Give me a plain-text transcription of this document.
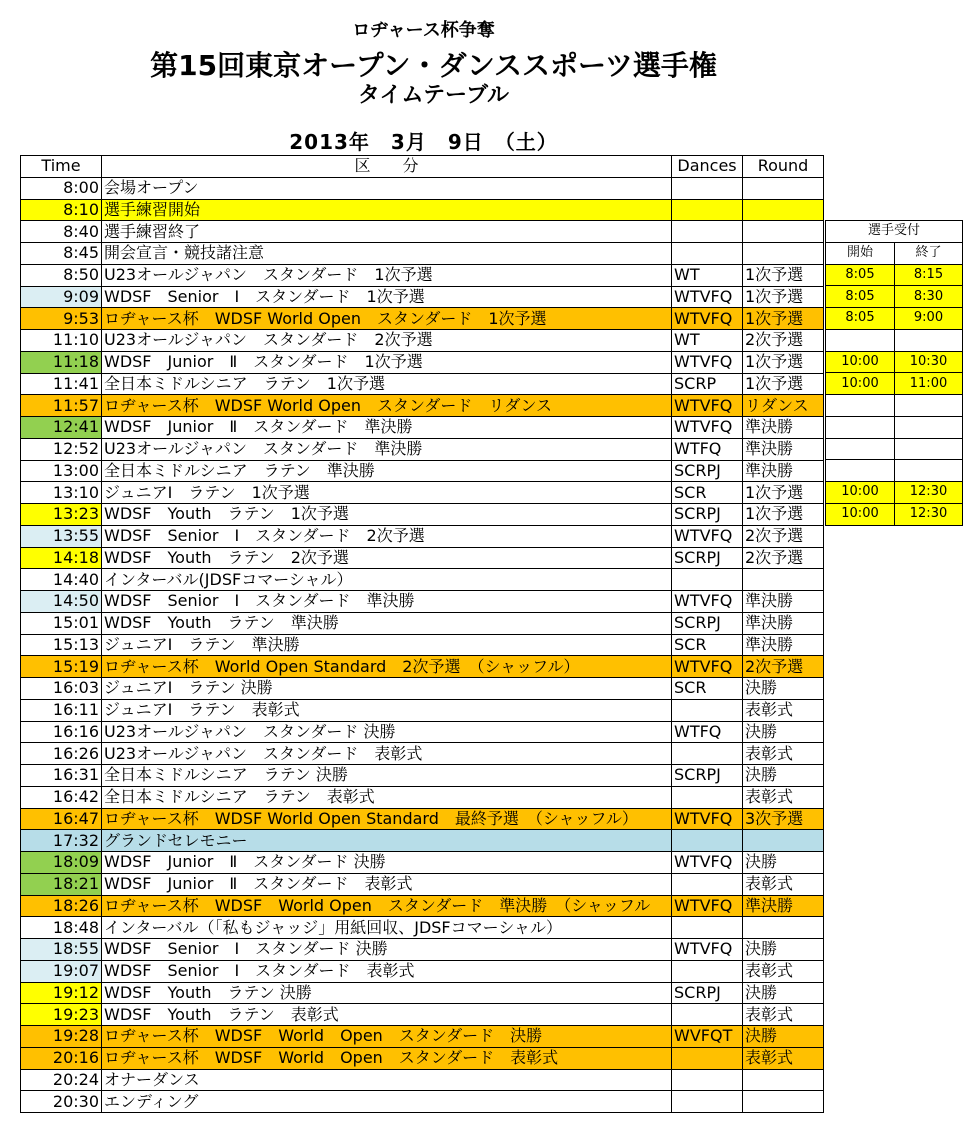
ロヂャース杯争奪
第15回東京オープン・ダンススポーツ選手権
タイムテーブル
2013年　3月　9日　（土）
Time	区　　分	Dances	Round
8:00	会場オープン		
8:10	選手練習開始		
8:40	選手練習終了		
8:45	開会宣言・競技諸注意		
8:50	U23オールジャパン　スタンダード　1次予選	WT	1次予選
9:09	WDSF　Senior　Ⅰ　スタンダード　1次予選	WTVFQ	1次予選
9:53	ロヂャース杯　WDSF World Open　スタンダード　1次予選	WTVFQ	1次予選
11:10	U23オールジャパン　スタンダード　2次予選	WT	2次予選
11:18	WDSF　Junior　Ⅱ　スタンダード　1次予選	WTVFQ	1次予選
11:41	全日本ミドルシニア　ラテン　1次予選	SCRP	1次予選
11:57	ロヂャース杯　WDSF World Open　スタンダード　リダンス	WTVFQ	リダンス
12:41	WDSF　Junior　Ⅱ　スタンダード　準決勝	WTVFQ	準決勝
12:52	U23オールジャパン　スタンダード　準決勝	WTFQ	準決勝
13:00	全日本ミドルシニア　ラテン　準決勝	SCRPJ	準決勝
13:10	ジュニアⅠ　ラテン　1次予選	SCR	1次予選
13:23	WDSF　Youth　ラテン　1次予選	SCRPJ	1次予選
13:55	WDSF　Senior　Ⅰ　スタンダード　2次予選	WTVFQ	2次予選
14:18	WDSF　Youth　ラテン　2次予選	SCRPJ	2次予選
14:40	インターバル(JDSFコマーシャル）		
14:50	WDSF　Senior　Ⅰ　スタンダード　準決勝	WTVFQ	準決勝
15:01	WDSF　Youth　ラテン　準決勝	SCRPJ	準決勝
15:13	ジュニアⅠ　ラテン　準決勝	SCR	準決勝
15:19	ロヂャース杯　World Open Standard　2次予選　（シャッフル）	WTVFQ	2次予選
16:03	ジュニアⅠ　ラテン 決勝	SCR	決勝
16:11	ジュニアⅠ　ラテン　表彰式		表彰式
16:16	U23オールジャパン　スタンダード 決勝	WTFQ	決勝
16:26	U23オールジャパン　スタンダード　表彰式		表彰式
16:31	全日本ミドルシニア　ラテン 決勝	SCRPJ	決勝
16:42	全日本ミドルシニア　ラテン　表彰式		表彰式
16:47	ロヂャース杯　WDSF World Open Standard　最終予選　（シャッフル）	WTVFQ	3次予選
17:32	グランドセレモニー		
18:09	WDSF　Junior　Ⅱ　スタンダード 決勝	WTVFQ	決勝
18:21	WDSF　Junior　Ⅱ　スタンダード　表彰式		表彰式
18:26	ロヂャース杯　WDSF　World Open　スタンダード　準決勝　（シャッフル	WTVFQ	準決勝
18:48	インターバル（「私もジャッジ」用紙回収、JDSFコマーシャル）		
18:55	WDSF　Senior　Ⅰ　スタンダード 決勝	WTVFQ	決勝
19:07	WDSF　Senior　Ⅰ　スタンダード　表彰式		表彰式
19:12	WDSF　Youth　ラテン 決勝	SCRPJ	決勝
19:23	WDSF　Youth　ラテン　表彰式		表彰式
19:28	ロヂャース杯　WDSF　World　Open　スタンダード　決勝	WVFQT	決勝
20:16	ロヂャース杯　WDSF　World　Open　スタンダード　表彰式		表彰式
20:24	オナーダンス		
20:30	エンディング		
選手受付	
開始	終了
8:05	8:15
8:05	8:30
8:05	9:00

10:00	10:30
10:00	11:00

10:00	12:30
10:00	12:30
